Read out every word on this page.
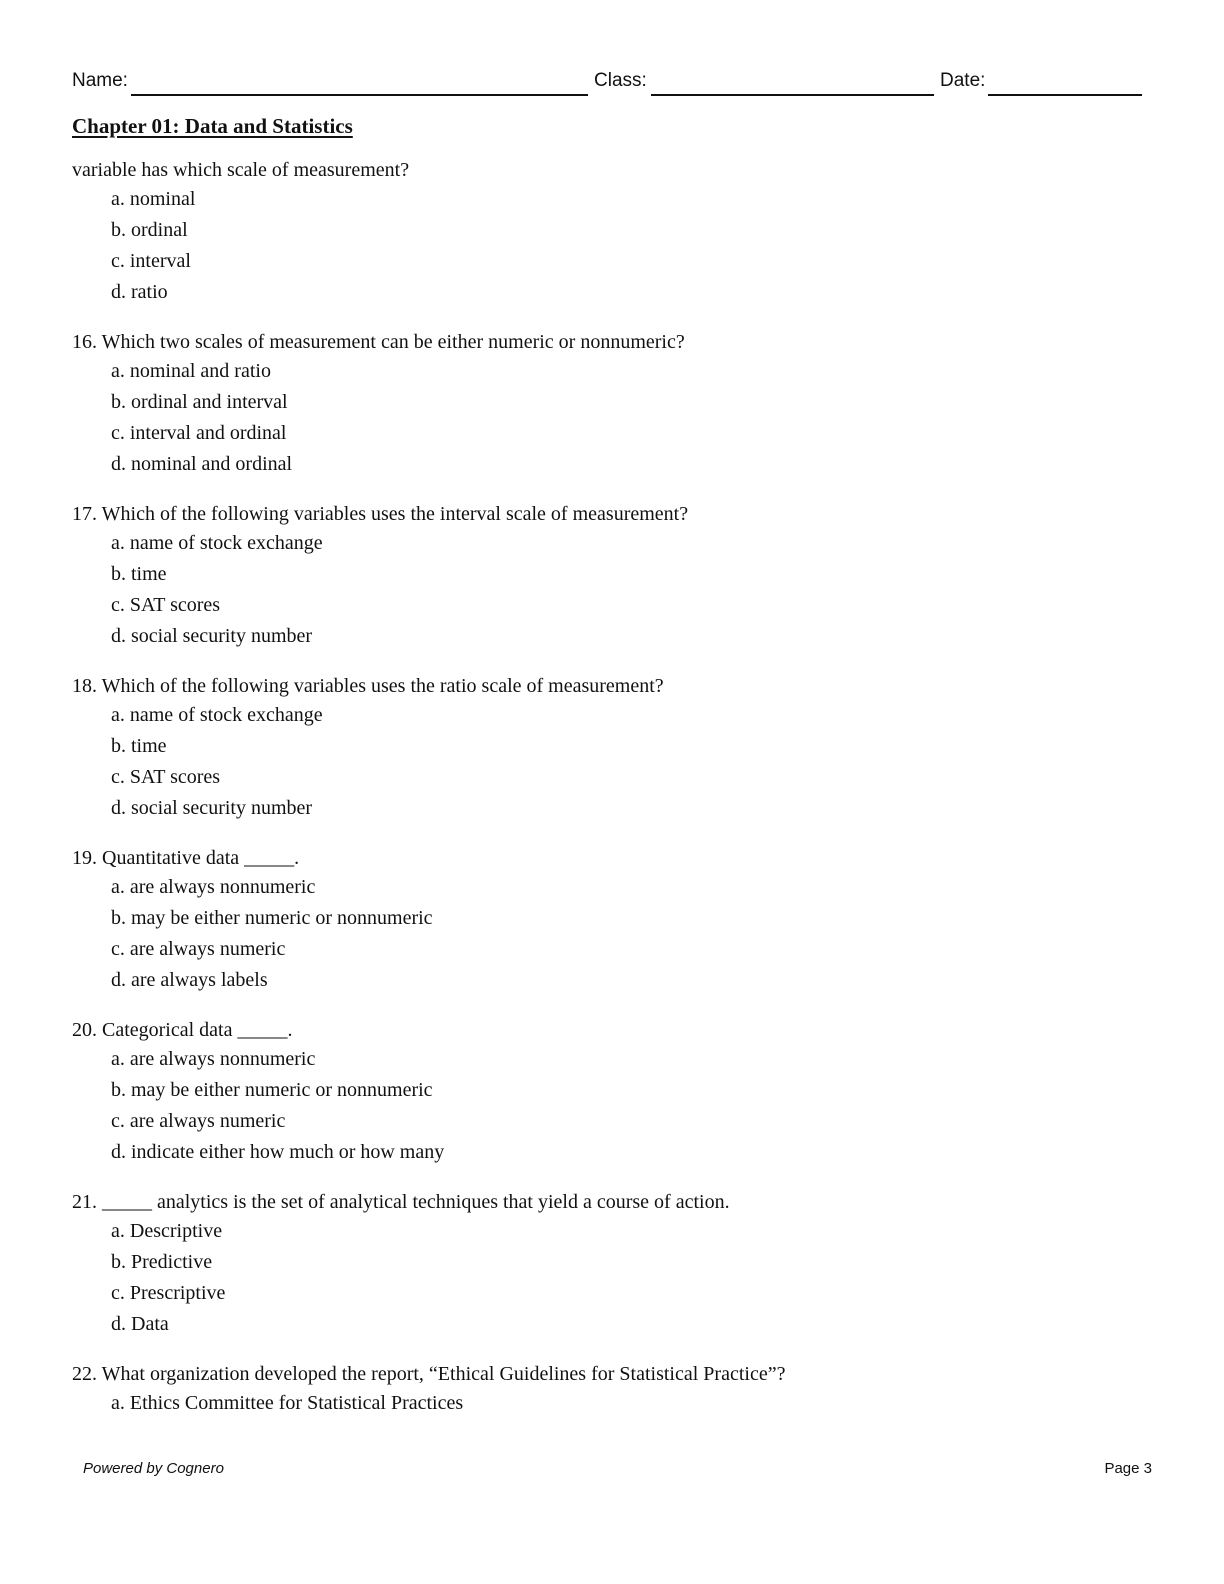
Name:	Class:	Date:
Chapter 01: Data and Statistics

variable has which scale of measurement?

a. nominal
b. ordinal
c. interval
d. ratio

16. Which two scales of measurement can be either numeric or nonnumeric?

a. nominal and ratio
b. ordinal and interval
c. interval and ordinal
d. nominal and ordinal

17. Which of the following variables uses the interval scale of measurement?

a. name of stock exchange
b. time
c. SAT scores
d. social security number

18. Which of the following variables uses the ratio scale of measurement?

a. name of stock exchange
b. time
c. SAT scores
d. social security number

19. Quantitative data _____.

a. are always nonnumeric
b. may be either numeric or nonnumeric
c. are always numeric
d. are always labels

20. Categorical data _____.

a. are always nonnumeric
b. may be either numeric or nonnumeric
c. are always numeric
d. indicate either how much or how many

21. _____ analytics is the set of analytical techniques that yield a course of action.

a. Descriptive
b. Predictive
c. Prescriptive
d. Data

22. What organization developed the report, “Ethical Guidelines for Statistical Practice”?

a. Ethics Committee for Statistical Practices
Powered by Cognero	Page 3
